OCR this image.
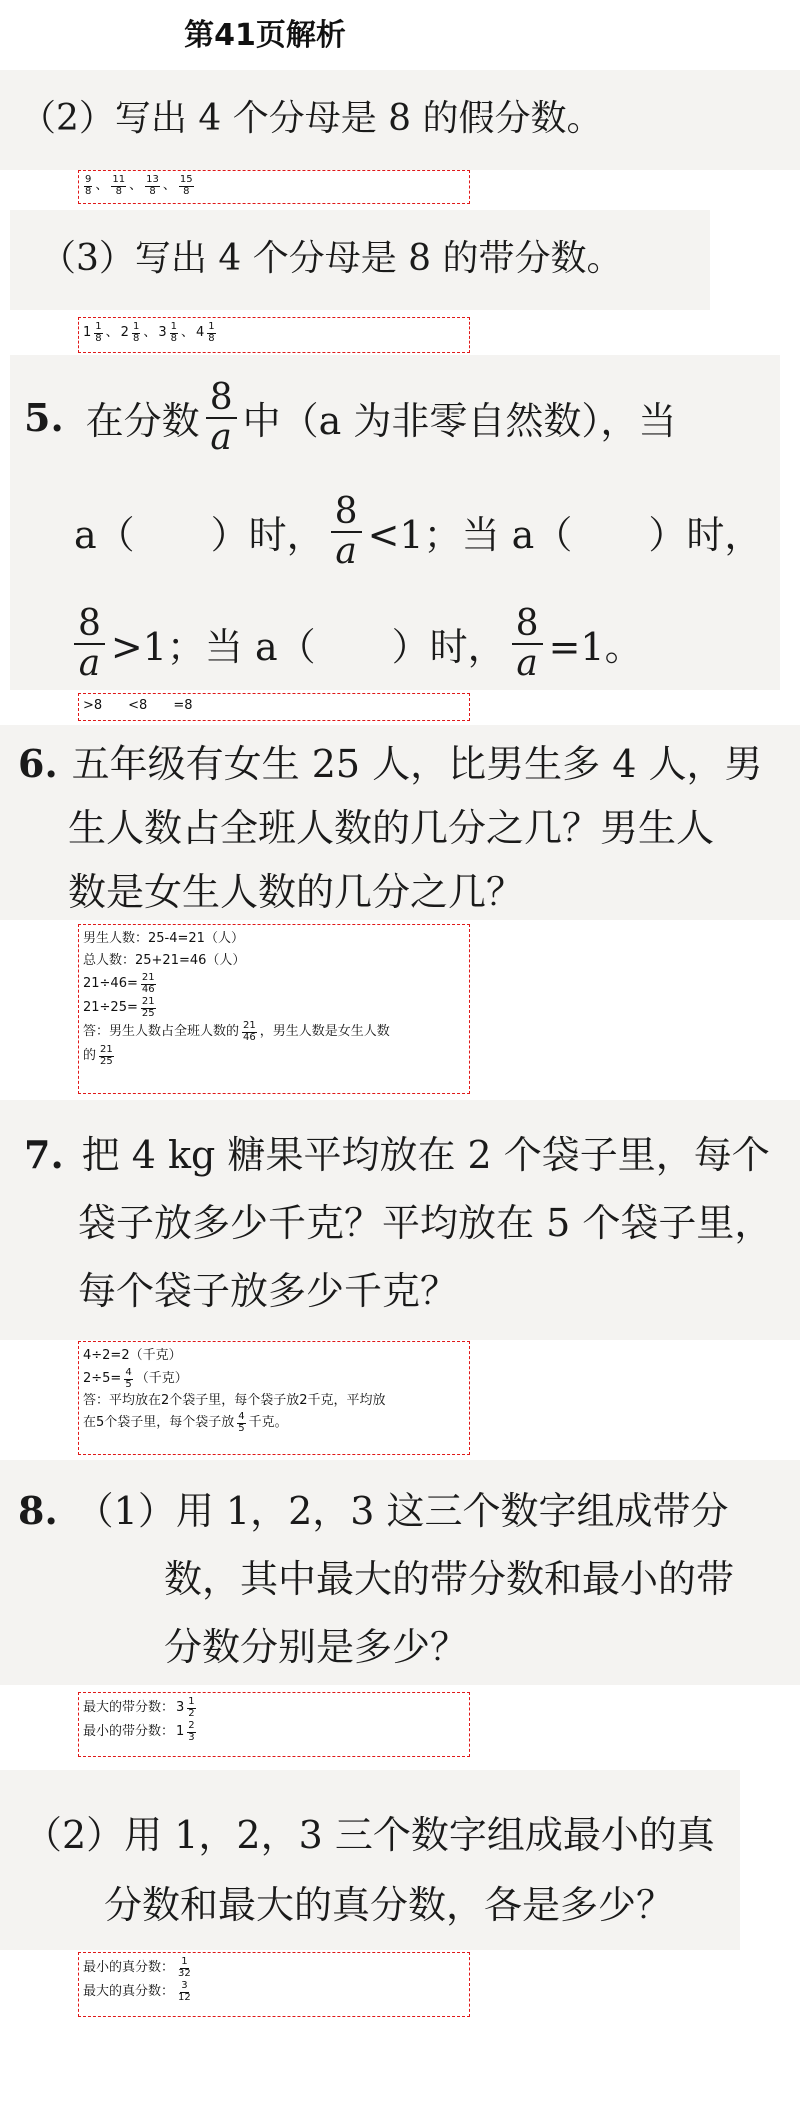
第41页解析
（2）写出 4 个分母是 8 的假分数。
$\frac{9}{8}$ 、 $\frac{11}{8}$ 、 $\frac{13}{8}$ 、 $\frac{15}{8}$
（3）写出 4 个分母是 8 的带分数。
$1 \frac{1}{8}$ 、 $2 \frac{1}{8}$ 、 $3 \frac{1}{8}$ 、 $4 \frac{1}{8}$
5. 在分数 $\frac{8}{a}$ 中（a 为非零自然数），当
a（　　）时， $\frac{8}{a} <1$；当 a（　　）时，
$\frac{8}{a} >1$；当 a（　　）时， $\frac{8}{a} =1$。
>8　　<8　　=8
6. 五年级有女生 25 人，比男生多 4 人，男
生人数占全班人数的几分之几？男生人
数是女生人数的几分之几？
男生人数：25-4=21（人）
总人数：25+21=46（人）
$21\div 46= \frac{21}{46}$
$21\div 25= \frac{21}{25}$
答：男生人数占全班人数的 $\frac{21}{46}$ ，男生人数是女生人数
的 $\frac{21}{25}$
7. 把 4 kg 糖果平均放在 2 个袋子里，每个
袋子放多少千克？平均放在 5 个袋子里，
每个袋子放多少千克？
4÷2=2（千克）
$2\div 5= \frac{4}{5}$ （千克）
答：平均放在2个袋子里，每个袋子放2千克，平均放
在5个袋子里，每个袋子放 $\frac{4}{5}$ 千克。
8. （1）用 1，2，3 这三个数字组成带分
数，其中最大的带分数和最小的带
分数分别是多少？
最大的带分数： $3 \frac{1}{2}$
最小的带分数： $1 \frac{2}{3}$
（2）用 1，2，3 三个数字组成最小的真
分数和最大的真分数，各是多少？
最小的真分数： $\frac{1}{32}$
最大的真分数： $\frac{3}{12}$
